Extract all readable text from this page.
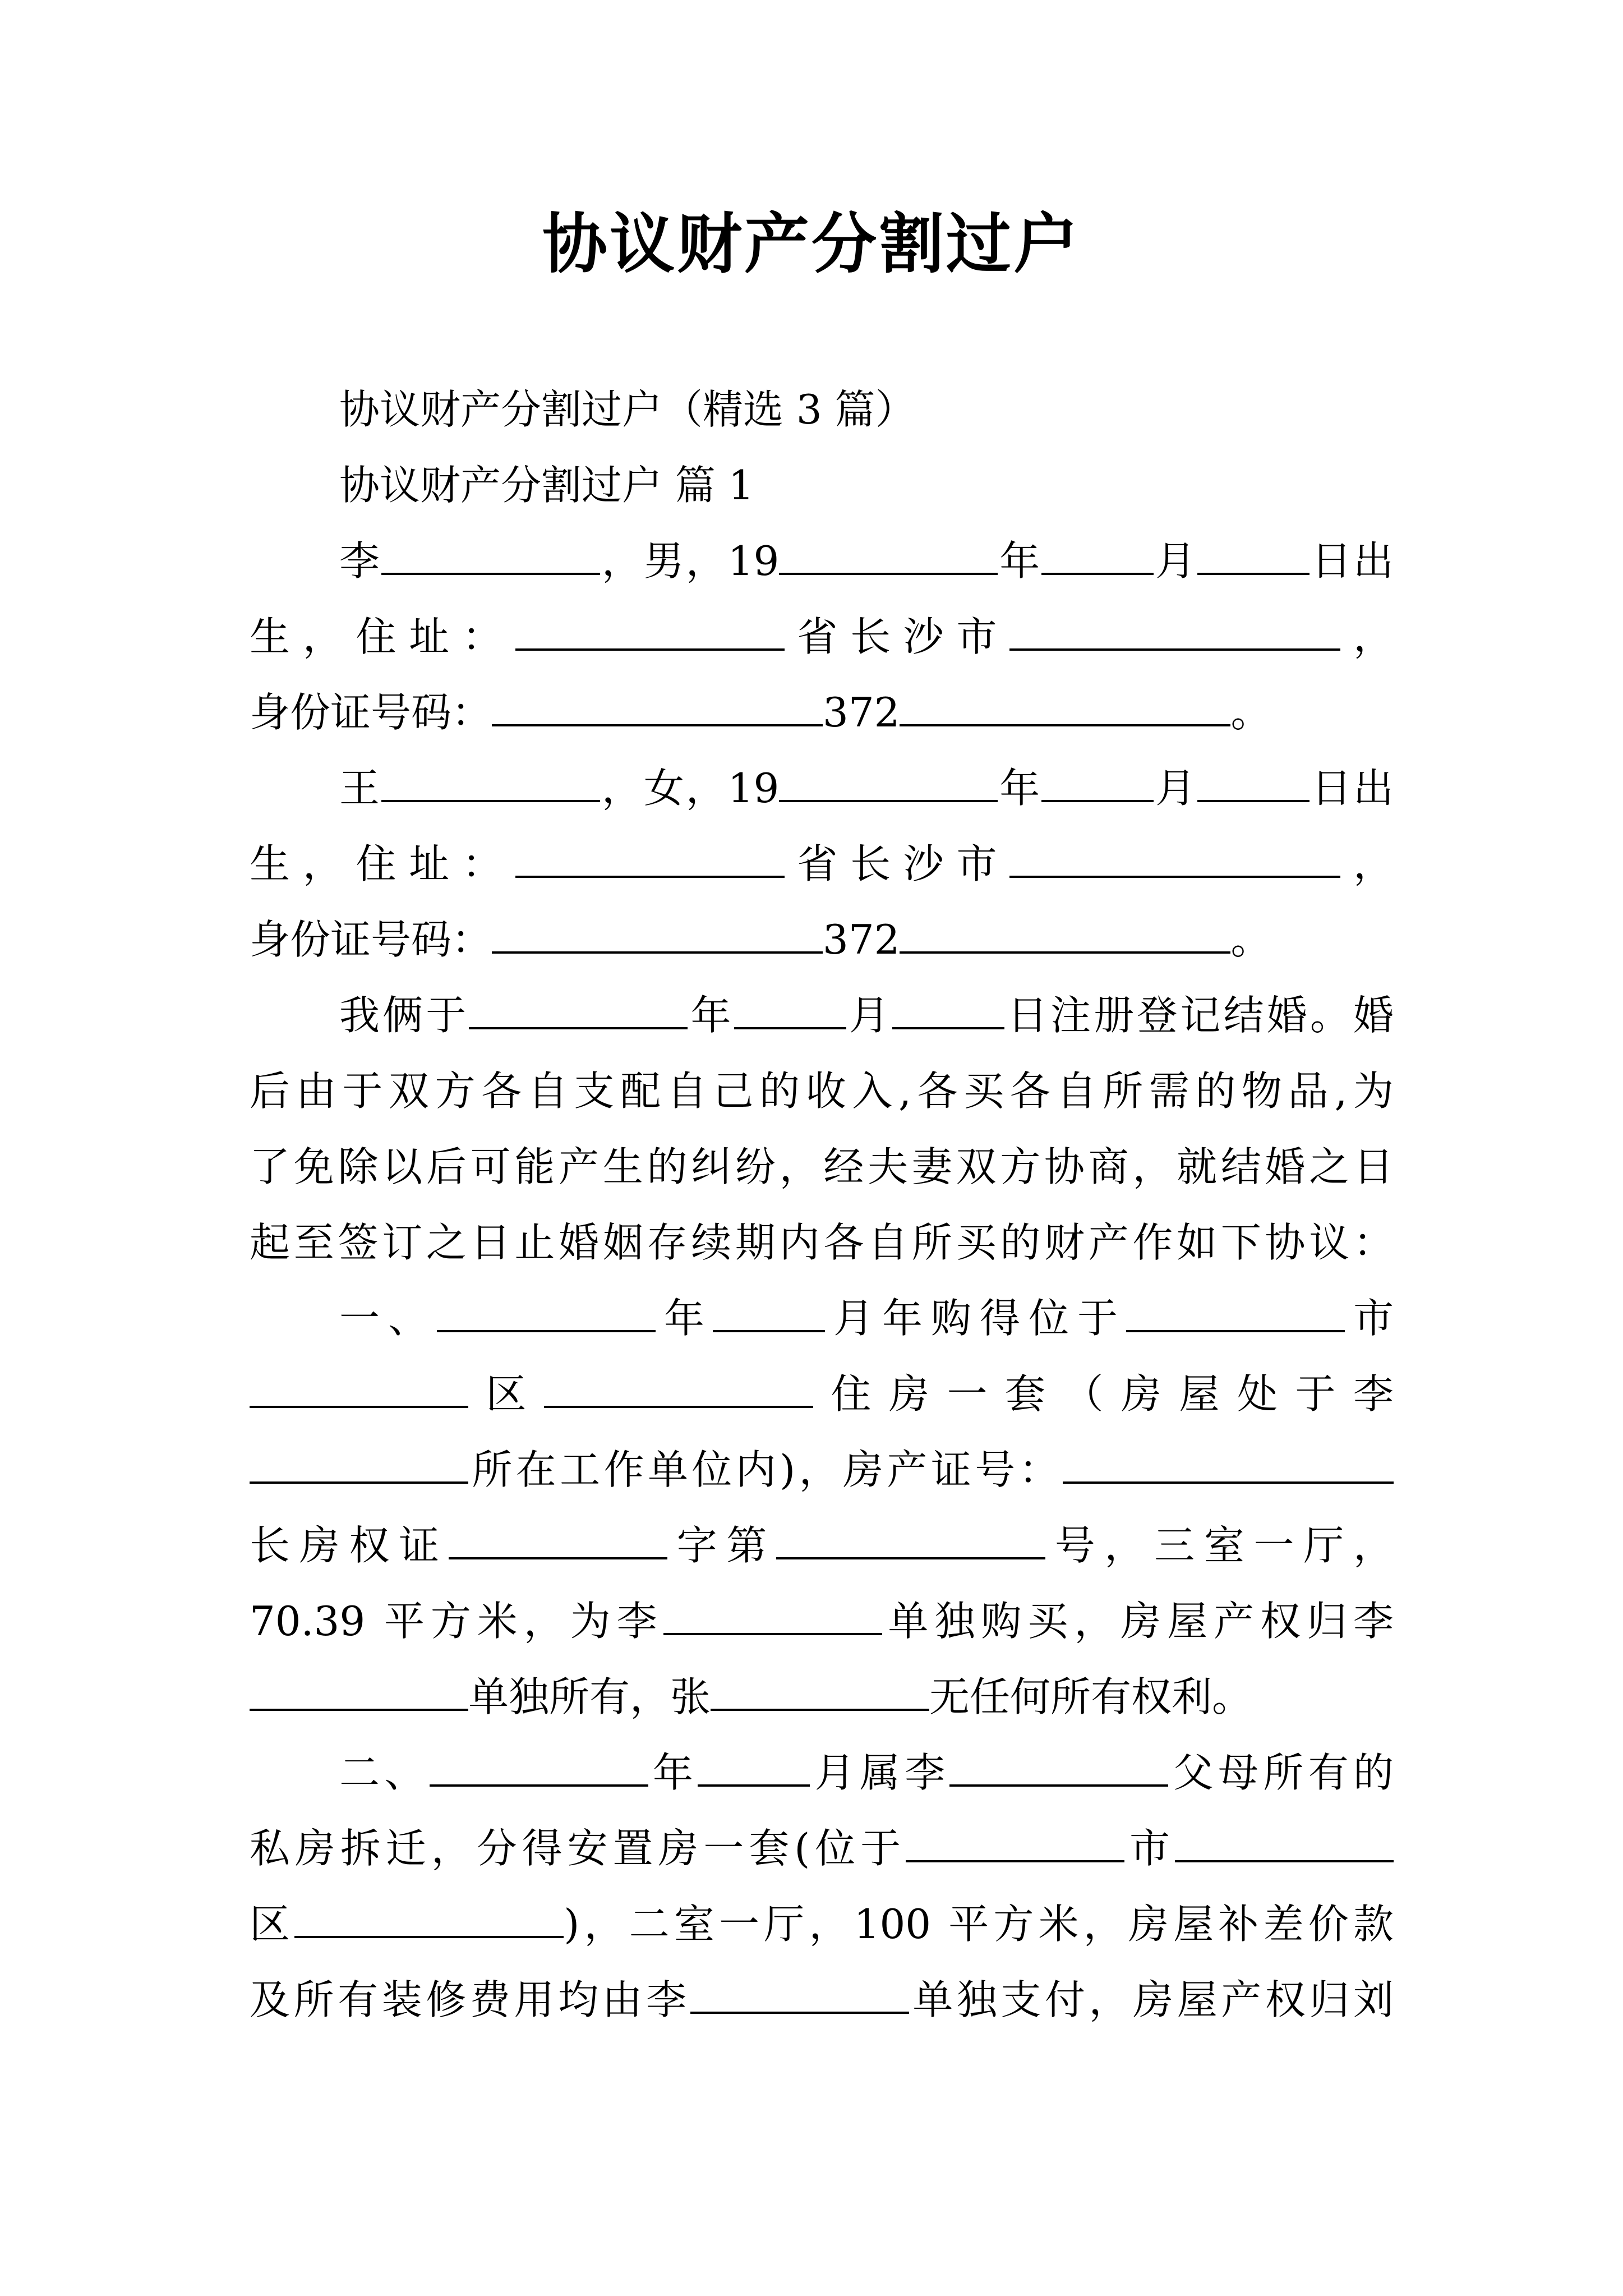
协议财产分割过户
协议财产分割过户（精选 3 篇）
协议财产分割过户 篇 1
李	，男，19	年	月	日出
生，住址：	省长沙市	，
身份证号码：	372	。
王	，女，19	年	月	日出
生，住址：	省长沙市	，
身份证号码：	372	。
我俩于	年	月	日注册登记结婚。婚
后由于双方各自支配自己的收入,各买各自所需的物品,为
了免除以后可能产生的纠纷，经夫妻双方协商，就结婚之日
起至签订之日止婚姻存续期内各自所买的财产作如下协议：
一、	年	月年购得位于	市
区	住房一套（房屋处于李
所在工作单位内)，房产证号：
长房权证	字第	号，三室一厅，
70.39 平方米，为李	单独购买，房屋产权归李
单独所有，张	无任何所有权利。
二、	年	月属李	父母所有的
私房拆迁，分得安置房一套(位于	市
区	)，二室一厅，100 平方米，房屋补差价款
及所有装修费用均由李	单独支付，房屋产权归刘
